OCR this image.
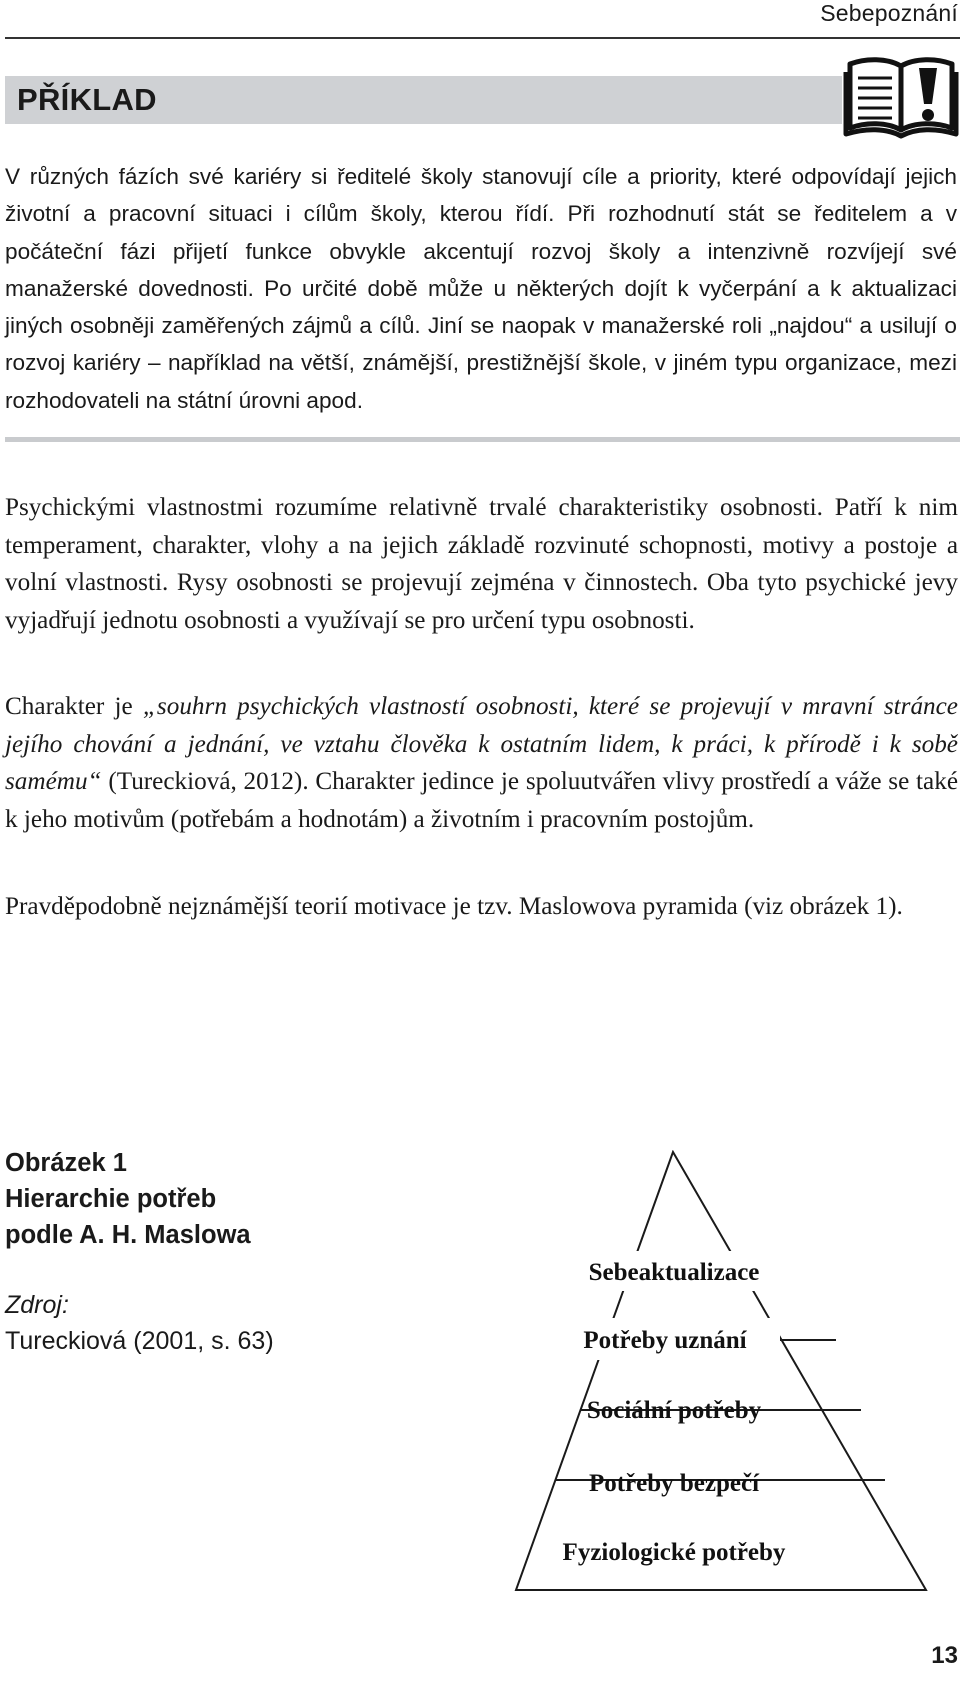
Sebepoznání
PŘÍKLAD
V různých fázích své kariéry si ředitelé školy stanovují cíle a priority, které odpovídají jejich životní a pracovní situaci i cílům školy, kterou řídí. Při rozhodnutí stát se ředitelem a v počáteční fázi přijetí funkce obvykle akcentují rozvoj školy a intenzivně rozvíjejí své manažerské dovednosti. Po určité době může u některých dojít k vyčerpání a k aktualizaci jiných osobněji zaměřených zájmů a cílů. Jiní se naopak v manažerské roli „najdou“ a usilují o rozvoj kariéry – například na větší, známější, prestižnější škole, v jiném typu organizace, mezi rozhodovateli na státní úrovni apod.
Psychickými vlastnostmi rozumíme relativně trvalé charakteristiky osobnosti. Patří k nim temperament, charakter, vlohy a na jejich základě rozvinuté schopnosti, motivy a postoje a volní vlastnosti. Rysy osobnosti se projevují zejména v činnostech. Oba tyto psychické jevy vyjadřují jednotu osobnosti a využívají se pro určení typu osobnosti.
Charakter je „souhrn psychických vlastností osobnosti, které se projevují v mravní stránce jejího chování a jednání, ve vztahu člověka k ostatním lidem, k práci, k přírodě i k sobě samému“ (Tureckiová, 2012). Charakter jedince je spoluutvářen vlivy prostředí a váže se také k jeho motivům (potřebám a hodnotám) a životním i pracovním postojům.
Pravděpodobně nejznámější teorií motivace je tzv. Maslowova pyramida (viz obrázek 1).
Obrázek 1
Hierarchie potřeb
podle A. H. Maslowa
Zdroj:
Tureckiová (2001, s. 63)
Sebeaktualizace
Potřeby uznání
Sociální potřeby
Potřeby bezpečí
Fyziologické potřeby
13
